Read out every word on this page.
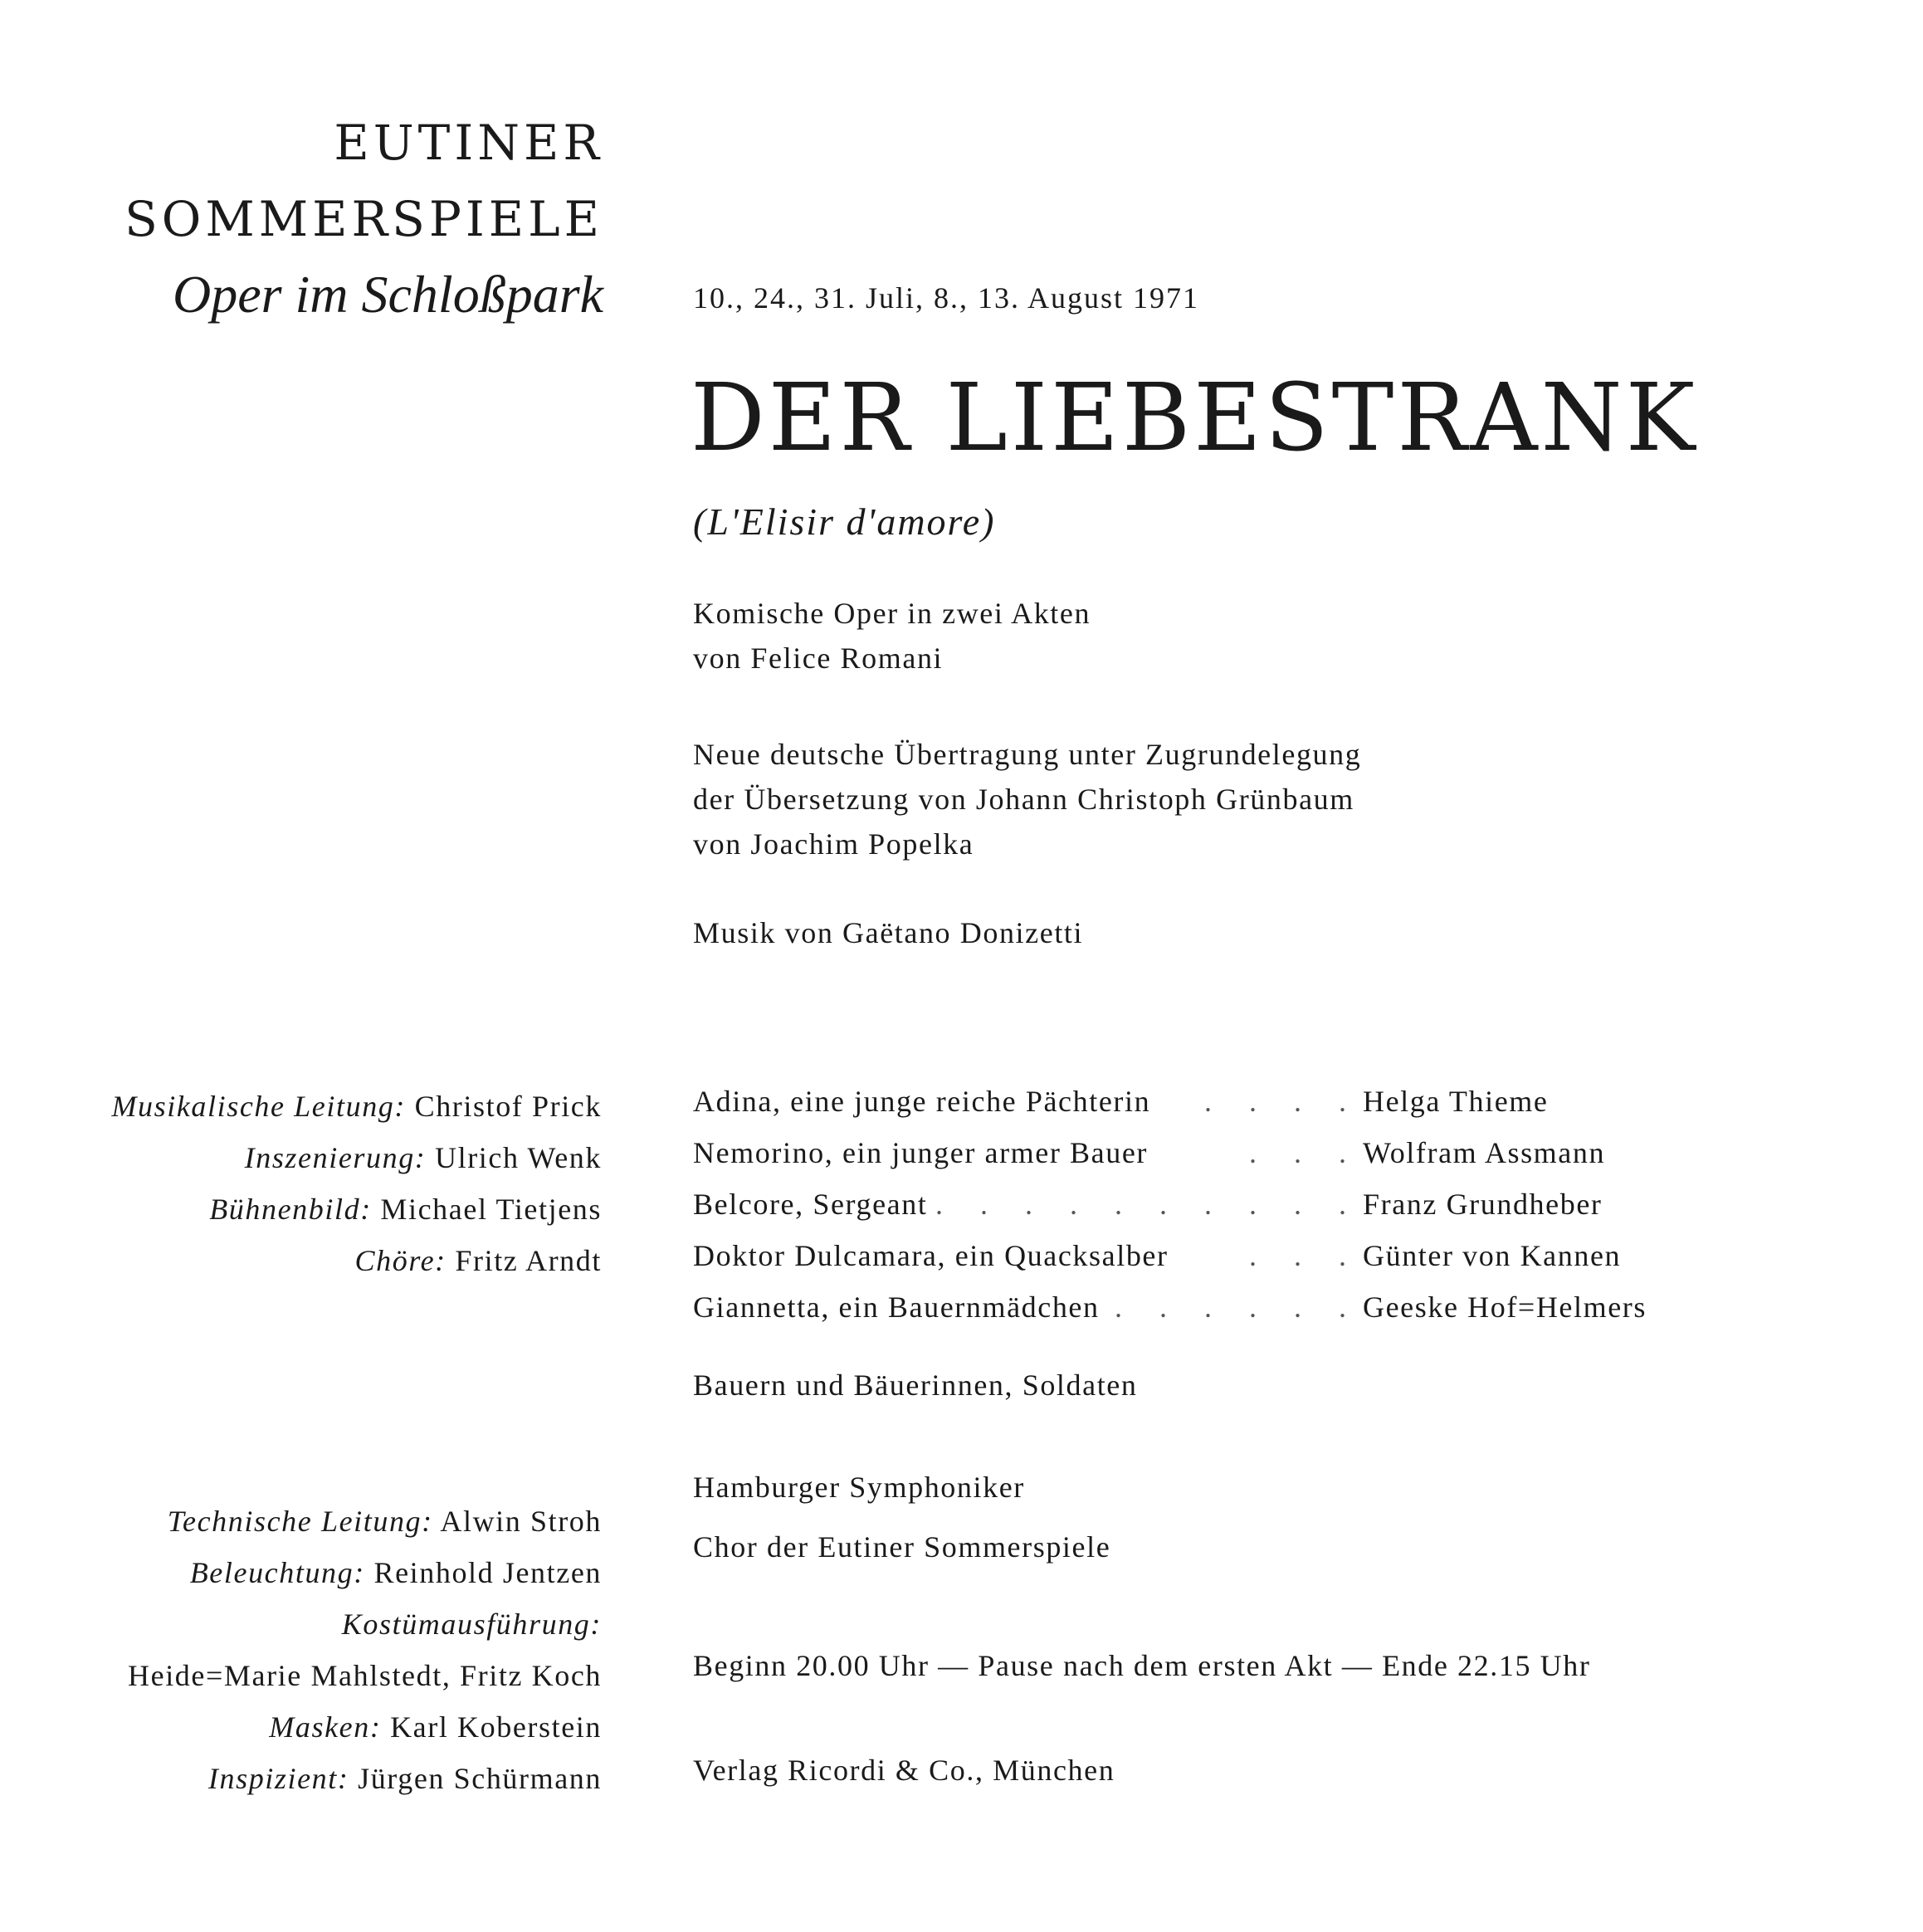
EUTINER
SOMMERSPIELE
Oper im Schloßpark	10., 24., 31. Juli, 8., 13. August 1971
DER LIEBESTRANK
(L'Elisir d'amore)
Komische Oper in zwei Akten
von Felice Romani
Neue deutsche Übertragung unter Zugrundelegung
der Übersetzung von Johann Christoph Grünbaum
von Joachim Popelka
Musik von Gaëtano Donizetti
Adina, eine junge reiche Pächterin . . . . Helga Thieme
Nemorino, ein junger armer Bauer	. . . Wolfram Assmann
Belcore, Sergeant . . . . . . . . . . Franz Grundheber
Doktor Dulcamara, ein Quacksalber	. . . Günter von Kannen
Giannetta, ein Bauernmädchen . . . . . . Geeske Hof=Helmers
Bauern und Bäuerinnen, Soldaten
Hamburger Symphoniker
Chor der Eutiner Sommerspiele
Beginn 20.00 Uhr — Pause nach dem ersten Akt — Ende 22.15 Uhr
Verlag Ricordi & Co., München
Musikalische Leitung: Christof Prick
Inszenierung: Ulrich Wenk
Bühnenbild: Michael Tietjens
Chöre: Fritz Arndt
Technische Leitung: Alwin Stroh
Beleuchtung: Reinhold Jentzen
Kostümausführung:
Heide=Marie Mahlstedt, Fritz Koch
Masken: Karl Koberstein
Inspizient: Jürgen Schürmann
